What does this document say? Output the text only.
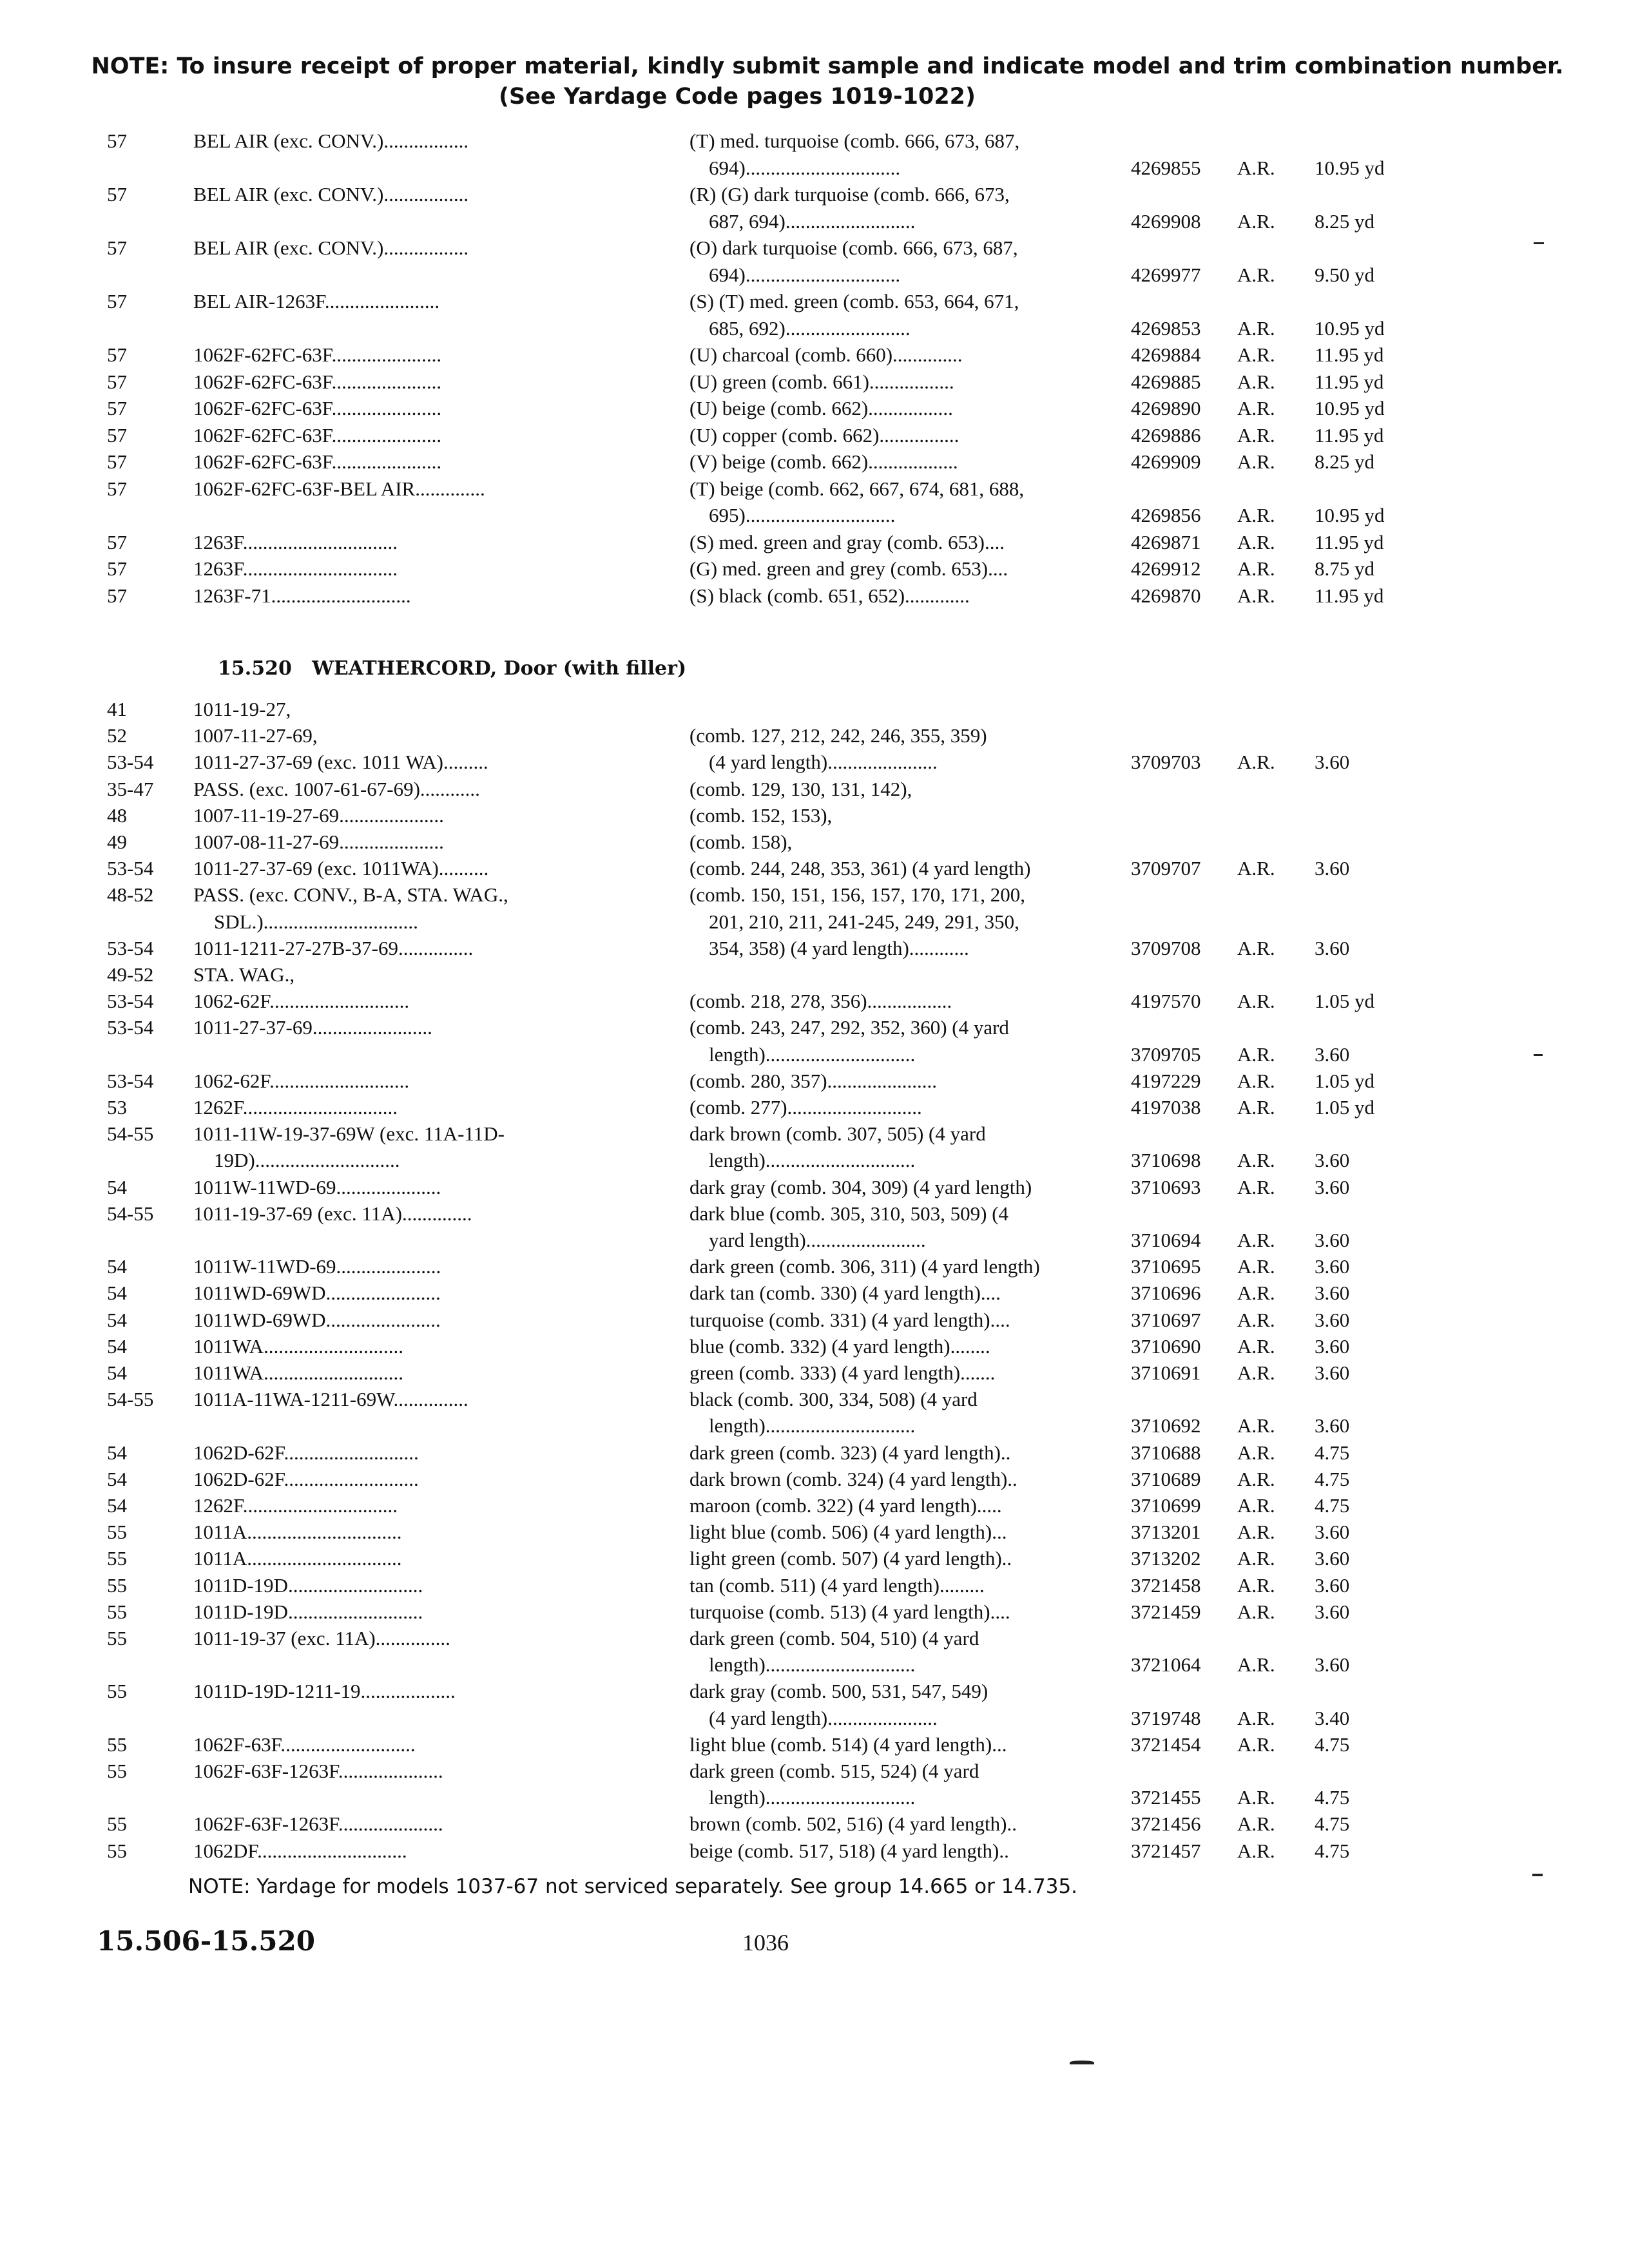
NOTE: To insure receipt of proper material, kindly submit sample and indicate model and trim combination number.
(See Yardage Code pages 1019-1022)
57	BEL AIR (exc. CONV.).................	(T) med. turquoise (comb. 666, 673, 687,
694)...............................	4269855 A.R. 10.95 yd
57	BEL AIR (exc. CONV.).................	(R) (G) dark turquoise (comb. 666, 673,
687, 694)..........................	4269908 A.R. 8.25 yd
57	BEL AIR (exc. CONV.).................	(O) dark turquoise (comb. 666, 673, 687,
694)...............................	4269977 A.R. 9.50 yd
57	BEL AIR-1263F.......................	(S) (T) med. green (comb. 653, 664, 671,
685, 692).........................	4269853 A.R. 10.95 yd
57	1062F-62FC-63F......................	(U) charcoal (comb. 660)..............	4269884 A.R. 11.95 yd
57	1062F-62FC-63F......................	(U) green (comb. 661).................	4269885 A.R. 11.95 yd
57	1062F-62FC-63F......................	(U) beige (comb. 662).................	4269890 A.R. 10.95 yd
57	1062F-62FC-63F......................	(U) copper (comb. 662)................	4269886 A.R. 11.95 yd
57	1062F-62FC-63F......................	(V) beige (comb. 662)..................	4269909 A.R. 8.25 yd
57	1062F-62FC-63F-BEL AIR..............	(T) beige (comb. 662, 667, 674, 681, 688,
695)..............................	4269856 A.R. 10.95 yd
57	1263F...............................	(S) med. green and gray (comb. 653)....	4269871 A.R. 11.95 yd
57	1263F...............................	(G) med. green and grey (comb. 653)....	4269912 A.R. 8.75 yd
57	1263F-71............................	(S) black (comb. 651, 652).............	4269870 A.R. 11.95 yd
15.520 WEATHERCORD, Door (with filler)
41	1011-19-27,
52	1007-11-27-69,	(comb. 127, 212, 242, 246, 355, 359)
53-54 1011-27-37-69 (exc. 1011 WA).........	(4 yard length)......................	3709703 A.R. 3.60
35-47 PASS. (exc. 1007-61-67-69)............	(comb. 129, 130, 131, 142),
48	1007-11-19-27-69.....................	(comb. 152, 153),
49	1007-08-11-27-69.....................	(comb. 158),
53-54 1011-27-37-69 (exc. 1011WA)..........	(comb. 244, 248, 353, 361) (4 yard length)	3709707 A.R. 3.60
48-52 PASS. (exc. CONV., B-A, STA. WAG.,	(comb. 150, 151, 156, 157, 170, 171, 200,
SDL.)...............................	201, 210, 211, 241-245, 249, 291, 350,
53-54 1011-1211-27-27B-37-69...............	354, 358) (4 yard length)............	3709708 A.R. 3.60
49-52 STA. WAG.,
53-54 1062-62F............................	(comb. 218, 278, 356).................	4197570 A.R. 1.05 yd
53-54 1011-27-37-69........................	(comb. 243, 247, 292, 352, 360) (4 yard
length)..............................	3709705 A.R. 3.60
53-54 1062-62F............................	(comb. 280, 357)......................	4197229 A.R. 1.05 yd
53	1262F...............................	(comb. 277)...........................	4197038 A.R. 1.05 yd
54-55 1011-11W-19-37-69W (exc. 11A-11D-	dark brown (comb. 307, 505) (4 yard
19D).............................	length)..............................	3710698 A.R. 3.60
54	1011W-11WD-69.....................	dark gray (comb. 304, 309) (4 yard length)	3710693 A.R. 3.60
54-55 1011-19-37-69 (exc. 11A)..............	dark blue (comb. 305, 310, 503, 509) (4
yard length)........................	3710694 A.R. 3.60
54	1011W-11WD-69.....................	dark green (comb. 306, 311) (4 yard length)	3710695 A.R. 3.60
54	1011WD-69WD.......................	dark tan (comb. 330) (4 yard length)....	3710696 A.R. 3.60
54	1011WD-69WD.......................	turquoise (comb. 331) (4 yard length)....	3710697 A.R. 3.60
54	1011WA............................	blue (comb. 332) (4 yard length)........	3710690 A.R. 3.60
54	1011WA............................	green (comb. 333) (4 yard length).......	3710691 A.R. 3.60
54-55 1011A-11WA-1211-69W...............	black (comb. 300, 334, 508) (4 yard
length)..............................	3710692 A.R. 3.60
54	1062D-62F...........................	dark green (comb. 323) (4 yard length)..	3710688 A.R. 4.75
54	1062D-62F...........................	dark brown (comb. 324) (4 yard length)..	3710689 A.R. 4.75
54	1262F...............................	maroon (comb. 322) (4 yard length).....	3710699 A.R. 4.75
55	1011A...............................	light blue (comb. 506) (4 yard length)...	3713201 A.R. 3.60
55	1011A...............................	light green (comb. 507) (4 yard length)..	3713202 A.R. 3.60
55	1011D-19D...........................	tan (comb. 511) (4 yard length).........	3721458 A.R. 3.60
55	1011D-19D...........................	turquoise (comb. 513) (4 yard length)....	3721459 A.R. 3.60
55	1011-19-37 (exc. 11A)...............	dark green (comb. 504, 510) (4 yard
length)..............................	3721064 A.R. 3.60
55	1011D-19D-1211-19...................	dark gray (comb. 500, 531, 547, 549)
(4 yard length)......................	3719748 A.R. 3.40
55	1062F-63F...........................	light blue (comb. 514) (4 yard length)...	3721454 A.R. 4.75
55	1062F-63F-1263F.....................	dark green (comb. 515, 524) (4 yard
length)..............................	3721455 A.R. 4.75
55	1062F-63F-1263F.....................	brown (comb. 502, 516) (4 yard length)..	3721456 A.R. 4.75
55	1062DF..............................	beige (comb. 517, 518) (4 yard length)..	3721457 A.R. 4.75
NOTE: Yardage for models 1037-67 not serviced separately. See group 14.665 or 14.735.
15.506-15.520	1036
